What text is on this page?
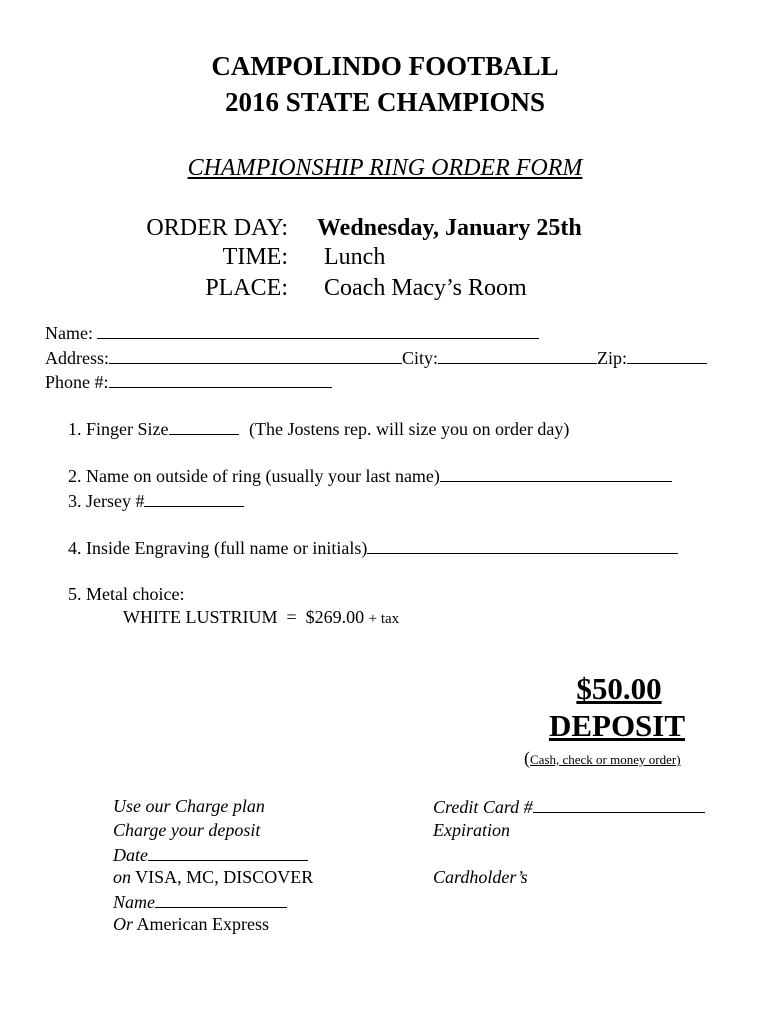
CAMPOLINDO FOOTBALL
2016 STATE CHAMPIONS
CHAMPIONSHIP RING ORDER FORM
ORDER DAY: Wednesday, January 25th
TIME: Lunch
PLACE: Coach Macy’s Room
Name:
Address:	City:	Zip:
Phone #:
1. Finger Size	(The Jostens rep. will size you on order day)
2. Name on outside of ring (usually your last name)
3. Jersey #
4. Inside Engraving (full name or initials)
5. Metal choice:
WHITE LUSTRIUM  =  $269.00 + tax
$50.00
DEPOSIT
(Cash, check or money order)
Use our Charge plan
Charge your deposit
Date
on VISA, MC, DISCOVER
Name
Or American Express
Credit Card #
Expiration
Cardholder’s
